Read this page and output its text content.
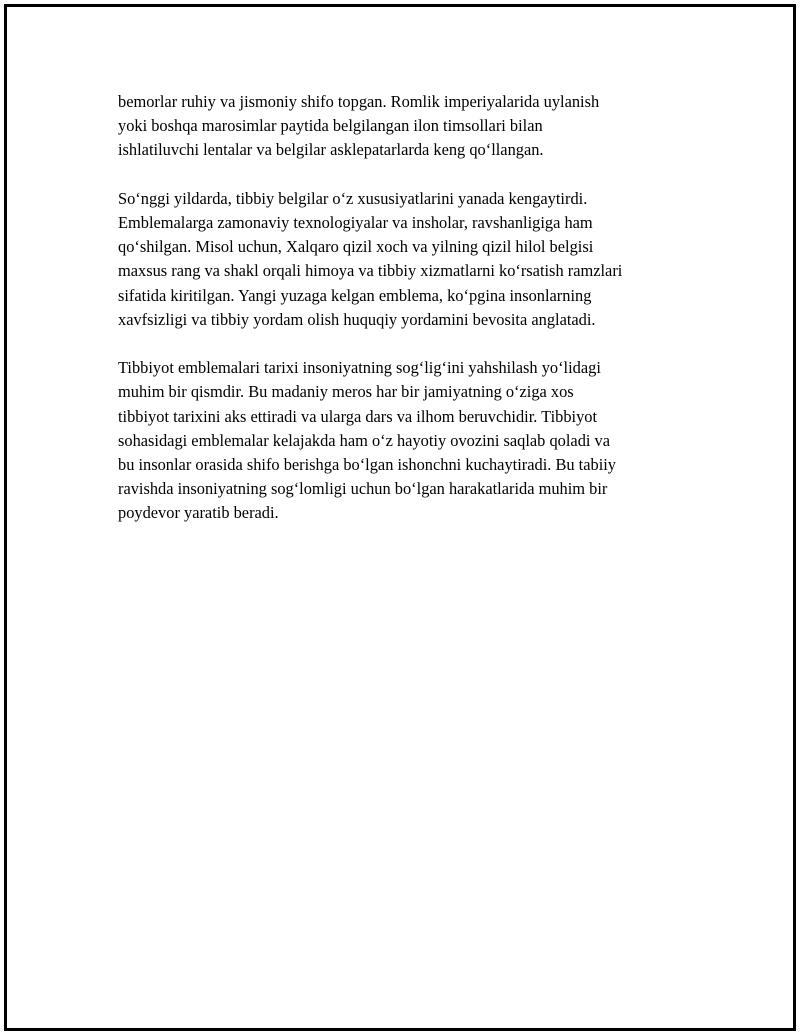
bemorlar ruhiy va jismoniy shifo topgan. Romlik imperiyalarida uylanish
yoki boshqa marosimlar paytida belgilangan ilon timsollari bilan
ishlatiluvchi lentalar va belgilar asklepatarlarda keng qo‘llangan.

So‘nggi yildarda, tibbiy belgilar o‘z xususiyatlarini yanada kengaytirdi.
Emblemalarga zamonaviy texnologiyalar va insholar, ravshanligiga ham
qo‘shilgan. Misol uchun, Xalqaro qizil xoch va yilning qizil hilol belgisi
maxsus rang va shakl orqali himoya va tibbiy xizmatlarni ko‘rsatish ramzlari
sifatida kiritilgan. Yangi yuzaga kelgan emblema, ko‘pgina insonlarning
xavfsizligi va tibbiy yordam olish huquqiy yordamini bevosita anglatadi.

Tibbiyot emblemalari tarixi insoniyatning sog‘lig‘ini yahshilash yo‘lidagi
muhim bir qismdir. Bu madaniy meros har bir jamiyatning o‘ziga xos
tibbiyot tarixini aks ettiradi va ularga dars va ilhom beruvchidir. Tibbiyot
sohasidagi emblemalar kelajakda ham o‘z hayotiy ovozini saqlab qoladi va
bu insonlar orasida shifo berishga bo‘lgan ishonchni kuchaytiradi. Bu tabiiy
ravishda insoniyatning sog‘lomligi uchun bo‘lgan harakatlarida muhim bir
poydevor yaratib beradi.
